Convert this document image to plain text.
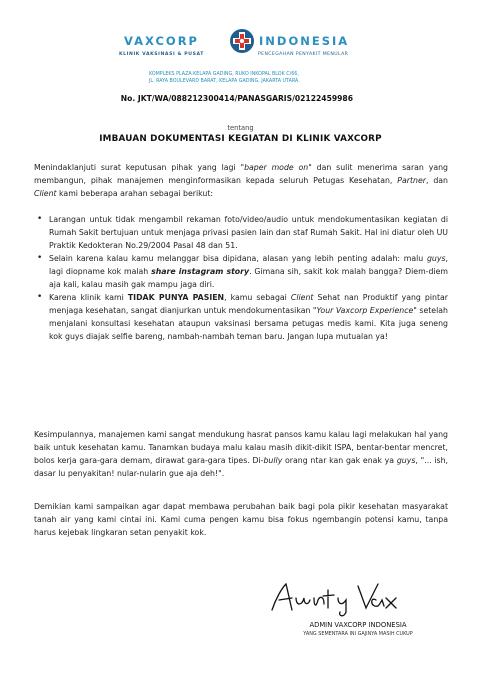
VAXCORP	INDONESIA
KLINIK VAKSINASI & PUSAT	PENCEGAHAN PENYAKIT MENULAR
KOMPLEKS PLAZA KELAPA GADING, RUKO INKOPAL BLOK C/66,
JL. RAYA BOULEVARD BARAT, KELAPA GADING, JAKARTA UTARA.
No. JKT/WA/088212300414/PANASGARIS/02122459986
tentang
IMBAUAN DOKUMENTASI KEGIATAN DI KLINIK VAXCORP
Menindaklanjuti surat keputusan pihak yang lagi "baper mode on" dan sulit menerima saran yang membangun, pihak manajemen menginformasikan kepada seluruh Petugas Kesehatan, Partner, dan Client kami beberapa arahan sebagai berikut:
• Larangan untuk tidak mengambil rekaman foto/video/audio untuk mendokumentasikan kegiatan di Rumah Sakit bertujuan untuk menjaga privasi pasien lain dan staf Rumah Sakit. Hal ini diatur oleh UU Praktik Kedokteran No.29/2004 Pasal 48 dan 51.
• Selain karena kalau kamu melanggar bisa dipidana, alasan yang lebih penting adalah: malu guys, lagi diopname kok malah share instagram story. Gimana sih, sakit kok malah bangga? Diem-diem aja kali, kalau masih gak mampu jaga diri.
• Karena klinik kami TIDAK PUNYA PASIEN, kamu sebagai Client Sehat nan Produktif yang pintar menjaga kesehatan, sangat dianjurkan untuk mendokumentasikan "Your Vaxcorp Experience" setelah menjalani konsultasi kesehatan ataupun vaksinasi bersama petugas medis kami. Kita juga seneng kok guys diajak selfie bareng, nambah-nambah teman baru. Jangan lupa mutualan ya!
Kesimpulannya, manajemen kami sangat mendukung hasrat pansos kamu kalau lagi melakukan hal yang baik untuk kesehatan kamu. Tanamkan budaya malu kalau masih dikit-dikit ISPA, bentar-bentar mencret, bolos kerja gara-gara demam, dirawat gara-gara tipes. Di-bully orang ntar kan gak enak ya guys, "... ish, dasar lu penyakitan! nular-nularin gue aja deh!".
Demikian kami sampaikan agar dapat membawa perubahan baik bagi pola pikir kesehatan masyarakat tanah air yang kami cintai ini. Kami cuma pengen kamu bisa fokus ngembangin potensi kamu, tanpa harus kejebak lingkaran setan penyakit kok.
ADMIN VAXCORP INDONESIA
YANG SEMENTARA INI GAJINYA MASIH CUKUP
